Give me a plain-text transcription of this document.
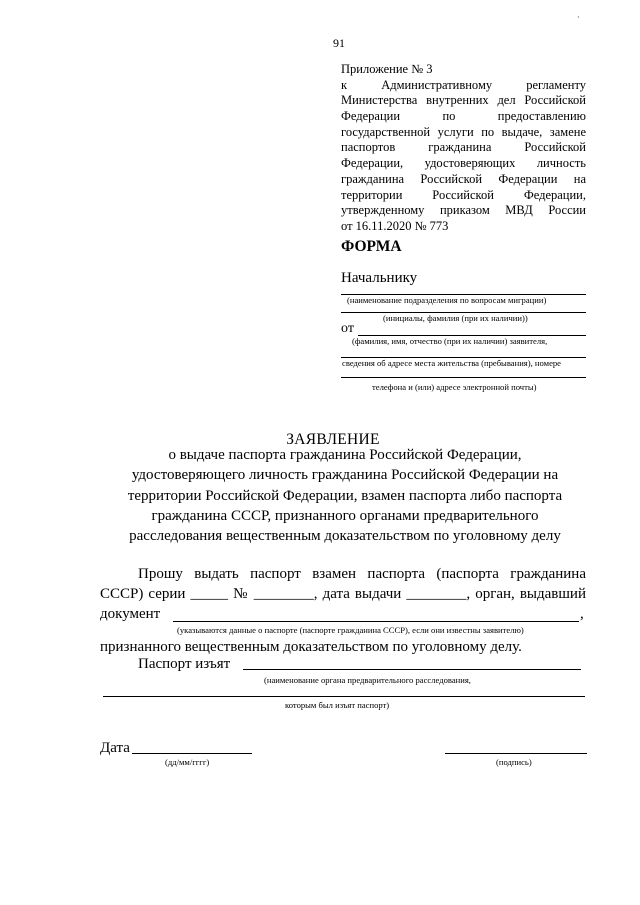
·
91
Приложение № 3
к Административному регламенту
Министерства внутренних дел Российской
Федерации по предоставлению
государственной услуги по выдаче, замене
паспортов гражданина Российской
Федерации, удостоверяющих личность
гражданина Российской Федерации на
территории Российской Федерации,
утвержденному приказом МВД России
от 16.11.2020 № 773
ФОРМА
Начальнику
(наименование подразделения по вопросам миграции)
(инициалы, фамилия (при их наличии))
от
(фамилия, имя, отчество (при их наличии) заявителя,
сведения об адресе места жительства (пребывания), номере
телефона и (или) адресе электронной почты)
ЗАЯВЛЕНИЕ
о выдаче паспорта гражданина Российской Федерации, удостоверяющего личность гражданина Российской Федерации на территории Российской Федерации, взамен паспорта либо паспорта гражданина СССР, признанного органами предварительного расследования вещественным доказательством по уголовному делу
Прошу выдать паспорт взамен паспорта (паспорта гражданина
СССР) серии _____ № ________, дата выдачи ________, орган, выдавший
документ	,
(указываются данные о паспорте (паспорте гражданина СССР), если они известны заявителю)
признанного вещественным доказательством по уголовному делу.
Паспорт изъят
(наименование органа предварительного расследования,
которым был изъят паспорт)
Дата
(дд/мм/гггг)	(подпись)
